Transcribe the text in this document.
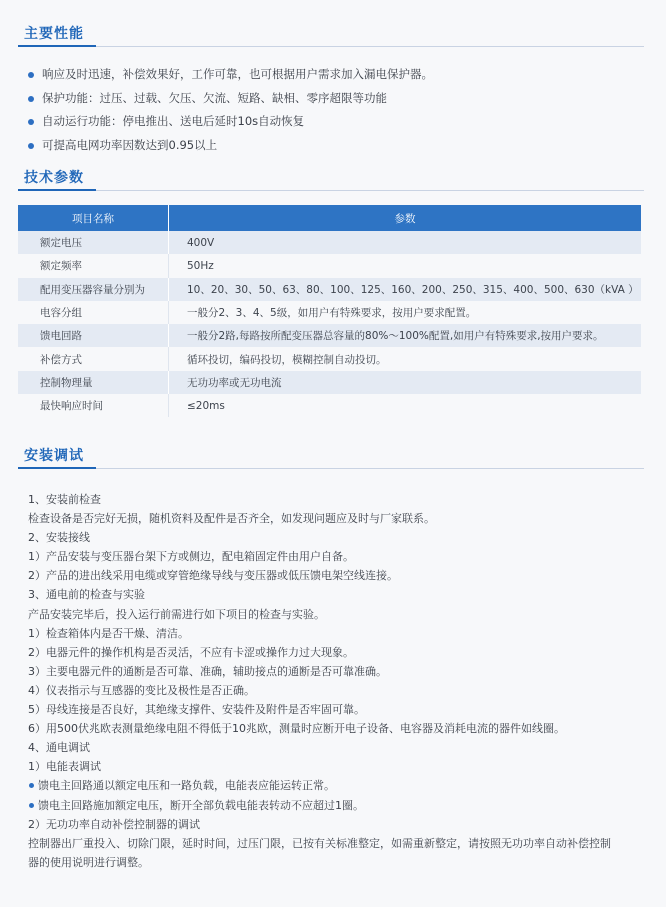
主要性能
响应及时迅速，补偿效果好，工作可靠，也可根据用户需求加入漏电保护器。
保护功能：过压、过载、欠压、欠流、短路、缺相、零序超限等功能
自动运行功能：停电推出、送电后延时10s自动恢复
可提高电网功率因数达到0.95以上
技术参数
项目名称	参数
额定电压	400V
额定频率	50Hz
配用变压器容量分别为	10、20、30、50、63、80、100、125、160、200、250、315、400、500、630（kVA ）
电容分组	一般分2、3、4、5级，如用户有特殊要求，按用户要求配置。
馈电回路	一般分2路,每路按所配变压器总容量的80%～100%配置,如用户有特殊要求,按用户要求。
补偿方式	循环投切，编码投切，模糊控制自动投切。
控制物理量	无功功率或无功电流
最快响应时间	≤20ms
安装调试
1、安装前检查
检查设备是否完好无损，随机资料及配件是否齐全，如发现问题应及时与厂家联系。
2、安装接线
1）产品安装与变压器台架下方或侧边，配电箱固定件由用户自备。
2）产品的进出线采用电缆或穿管绝缘导线与变压器或低压馈电架空线连接。
3、通电前的检查与实验
产品安装完毕后，投入运行前需进行如下项目的检查与实验。
1）检查箱体内是否干燥、清洁。
2）电器元件的操作机构是否灵活，不应有卡涩或操作力过大现象。
3）主要电器元件的通断是否可靠、准确，辅助接点的通断是否可靠准确。
4）仪表指示与互感器的变比及极性是否正确。
5）母线连接是否良好，其绝缘支撑件、安装件及附件是否牢固可靠。
6）用500伏兆欧表测量绝缘电阻不得低于10兆欧，测量时应断开电子设备、电容器及消耗电流的器件如线圈。
4、通电调试
1）电能表调试
馈电主回路通以额定电压和一路负载，电能表应能运转正常。
馈电主回路施加额定电压，断开全部负载电能表转动不应超过1圈。
2）无功功率自动补偿控制器的调试
控制器出厂重投入、切除门限，延时时间，过压门限，已按有关标准整定，如需重新整定，请按照无功功率自动补偿控制
器的使用说明进行调整。
